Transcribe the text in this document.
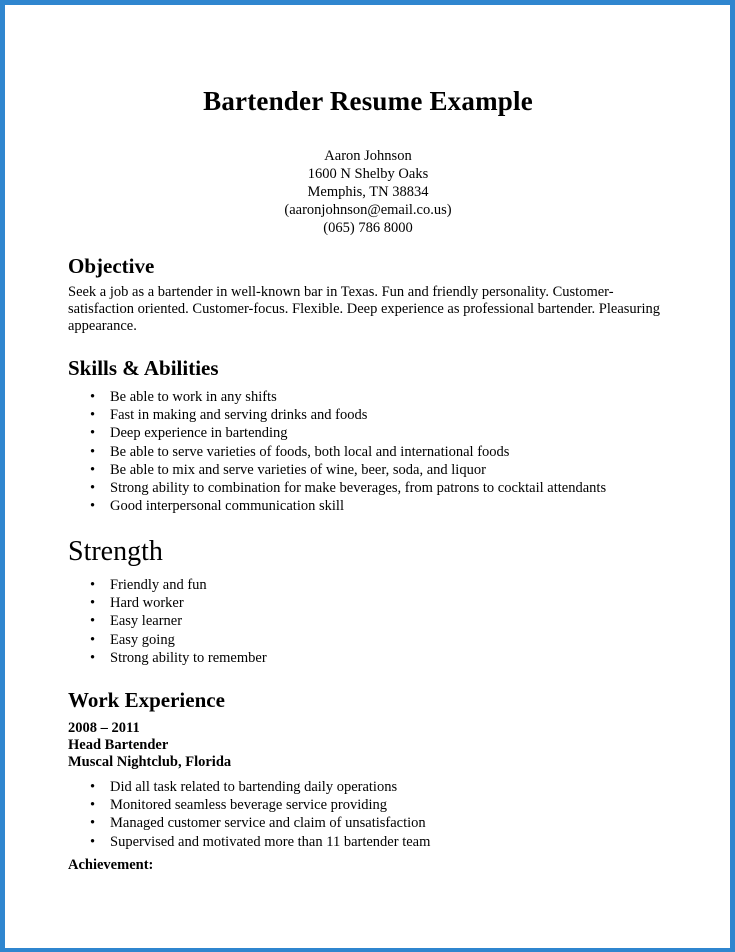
Bartender Resume Example
Aaron Johnson
1600 N Shelby Oaks
Memphis, TN 38834
(aaronjohnson@email.co.us)
(065) 786 8000
Objective
Seek a job as a bartender in well-known bar in Texas. Fun and friendly personality. Customer-satisfaction oriented. Customer-focus. Flexible. Deep experience as professional bartender. Pleasuring appearance.
Skills & Abilities
• Be able to work in any shifts
• Fast in making and serving drinks and foods
• Deep experience in bartending
• Be able to serve varieties of foods, both local and international foods
• Be able to mix and serve varieties of wine, beer, soda, and liquor
• Strong ability to combination for make beverages, from patrons to cocktail attendants
• Good interpersonal communication skill
Strength
• Friendly and fun
• Hard worker
• Easy learner
• Easy going
• Strong ability to remember
Work Experience
2008 – 2011
Head Bartender
Muscal Nightclub, Florida
• Did all task related to bartending daily operations
• Monitored seamless beverage service providing
• Managed customer service and claim of unsatisfaction
• Supervised and motivated more than 11 bartender team
Achievement:
